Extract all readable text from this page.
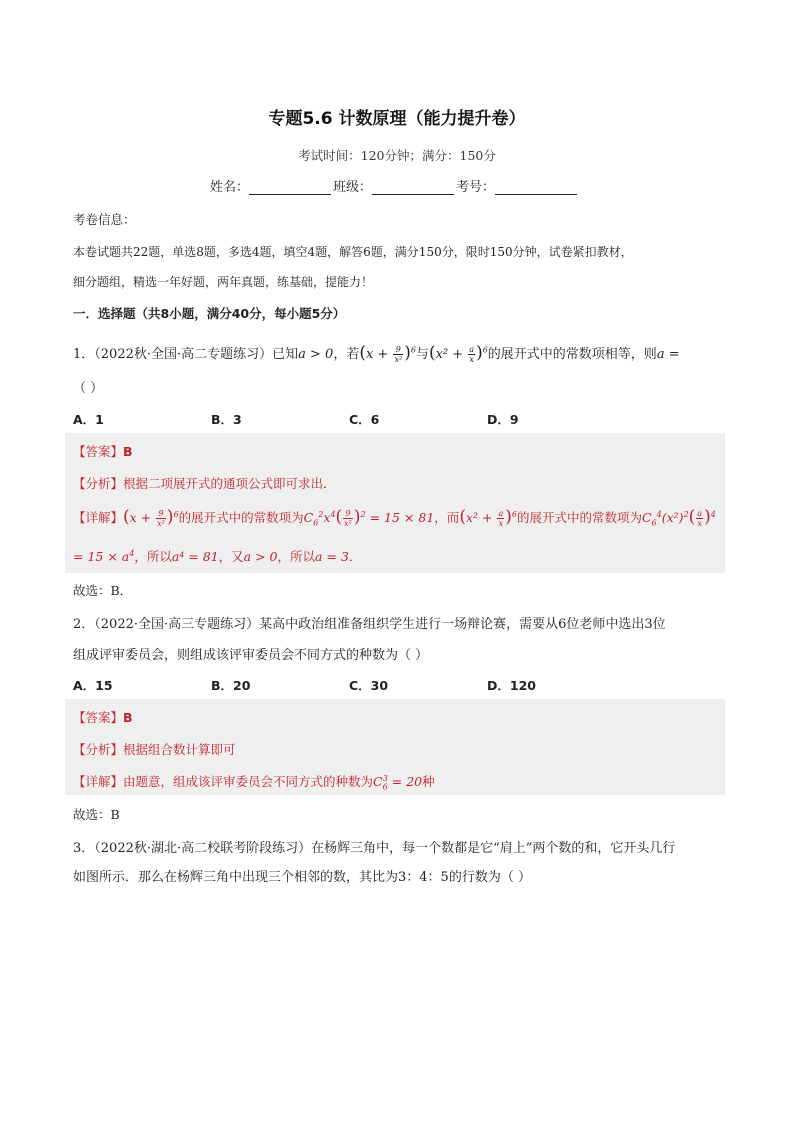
专题5.6 计数原理（能力提升卷）
考试时间：120分钟；满分：150分
姓名：	班级：	考号：
考卷信息：
本卷试题共22题，单选8题，多选4题，填空4题，解答6题，满分150分，限时150分钟，试卷紧扣教材，
细分题组，精选一年好题，两年真题，练基础，提能力！
一．选择题（共8小题，满分40分，每小题5分）
1．（2022秋·全国·高二专题练习）已知a > 0，若$(x + \frac{9}{\text{x²}} )^6$与$(x^2 + \frac{a}{x} )^6$的展开式中的常数项相等，则a =
（ ）
A．1	B．3	C．6	D．9
【答案】B
【分析】根据二项展开式的通项公式即可求出．
【详解】$(x + \frac{9}{\text{x²}} )^6$的展开式中的常数项为$C_6^2x^4( \frac{9}{\text{x²}} )^2 = 15 \times 81$，而$(x^2 + \frac{a}{x} )^6$的展开式中的常数项为$C_6^4(x^2)^2( \frac{a}{x} )^4$
= $15 \times a^4$，所以a⁴ = 81，又a > 0，所以a = 3．
故选：B．
2．（2022·全国·高三专题练习）某高中政治组准备组织学生进行一场辩论赛，需要从6位老师中选出3位
组成评审委员会，则组成该评审委员会不同方式的种数为（ ）
A．15	B．20	C．30	D．120
【答案】B
【分析】根据组合数计算即可
【详解】由题意，组成该评审委员会不同方式的种数为$C_6^3 = 20$种
故选：B
3．（2022秋·湖北·高二校联考阶段练习）在杨辉三角中，每一个数都是它“肩上”两个数的和，它开头几行
如图所示．那么在杨辉三角中出现三个相邻的数，其比为3：4：5的行数为（ ）
